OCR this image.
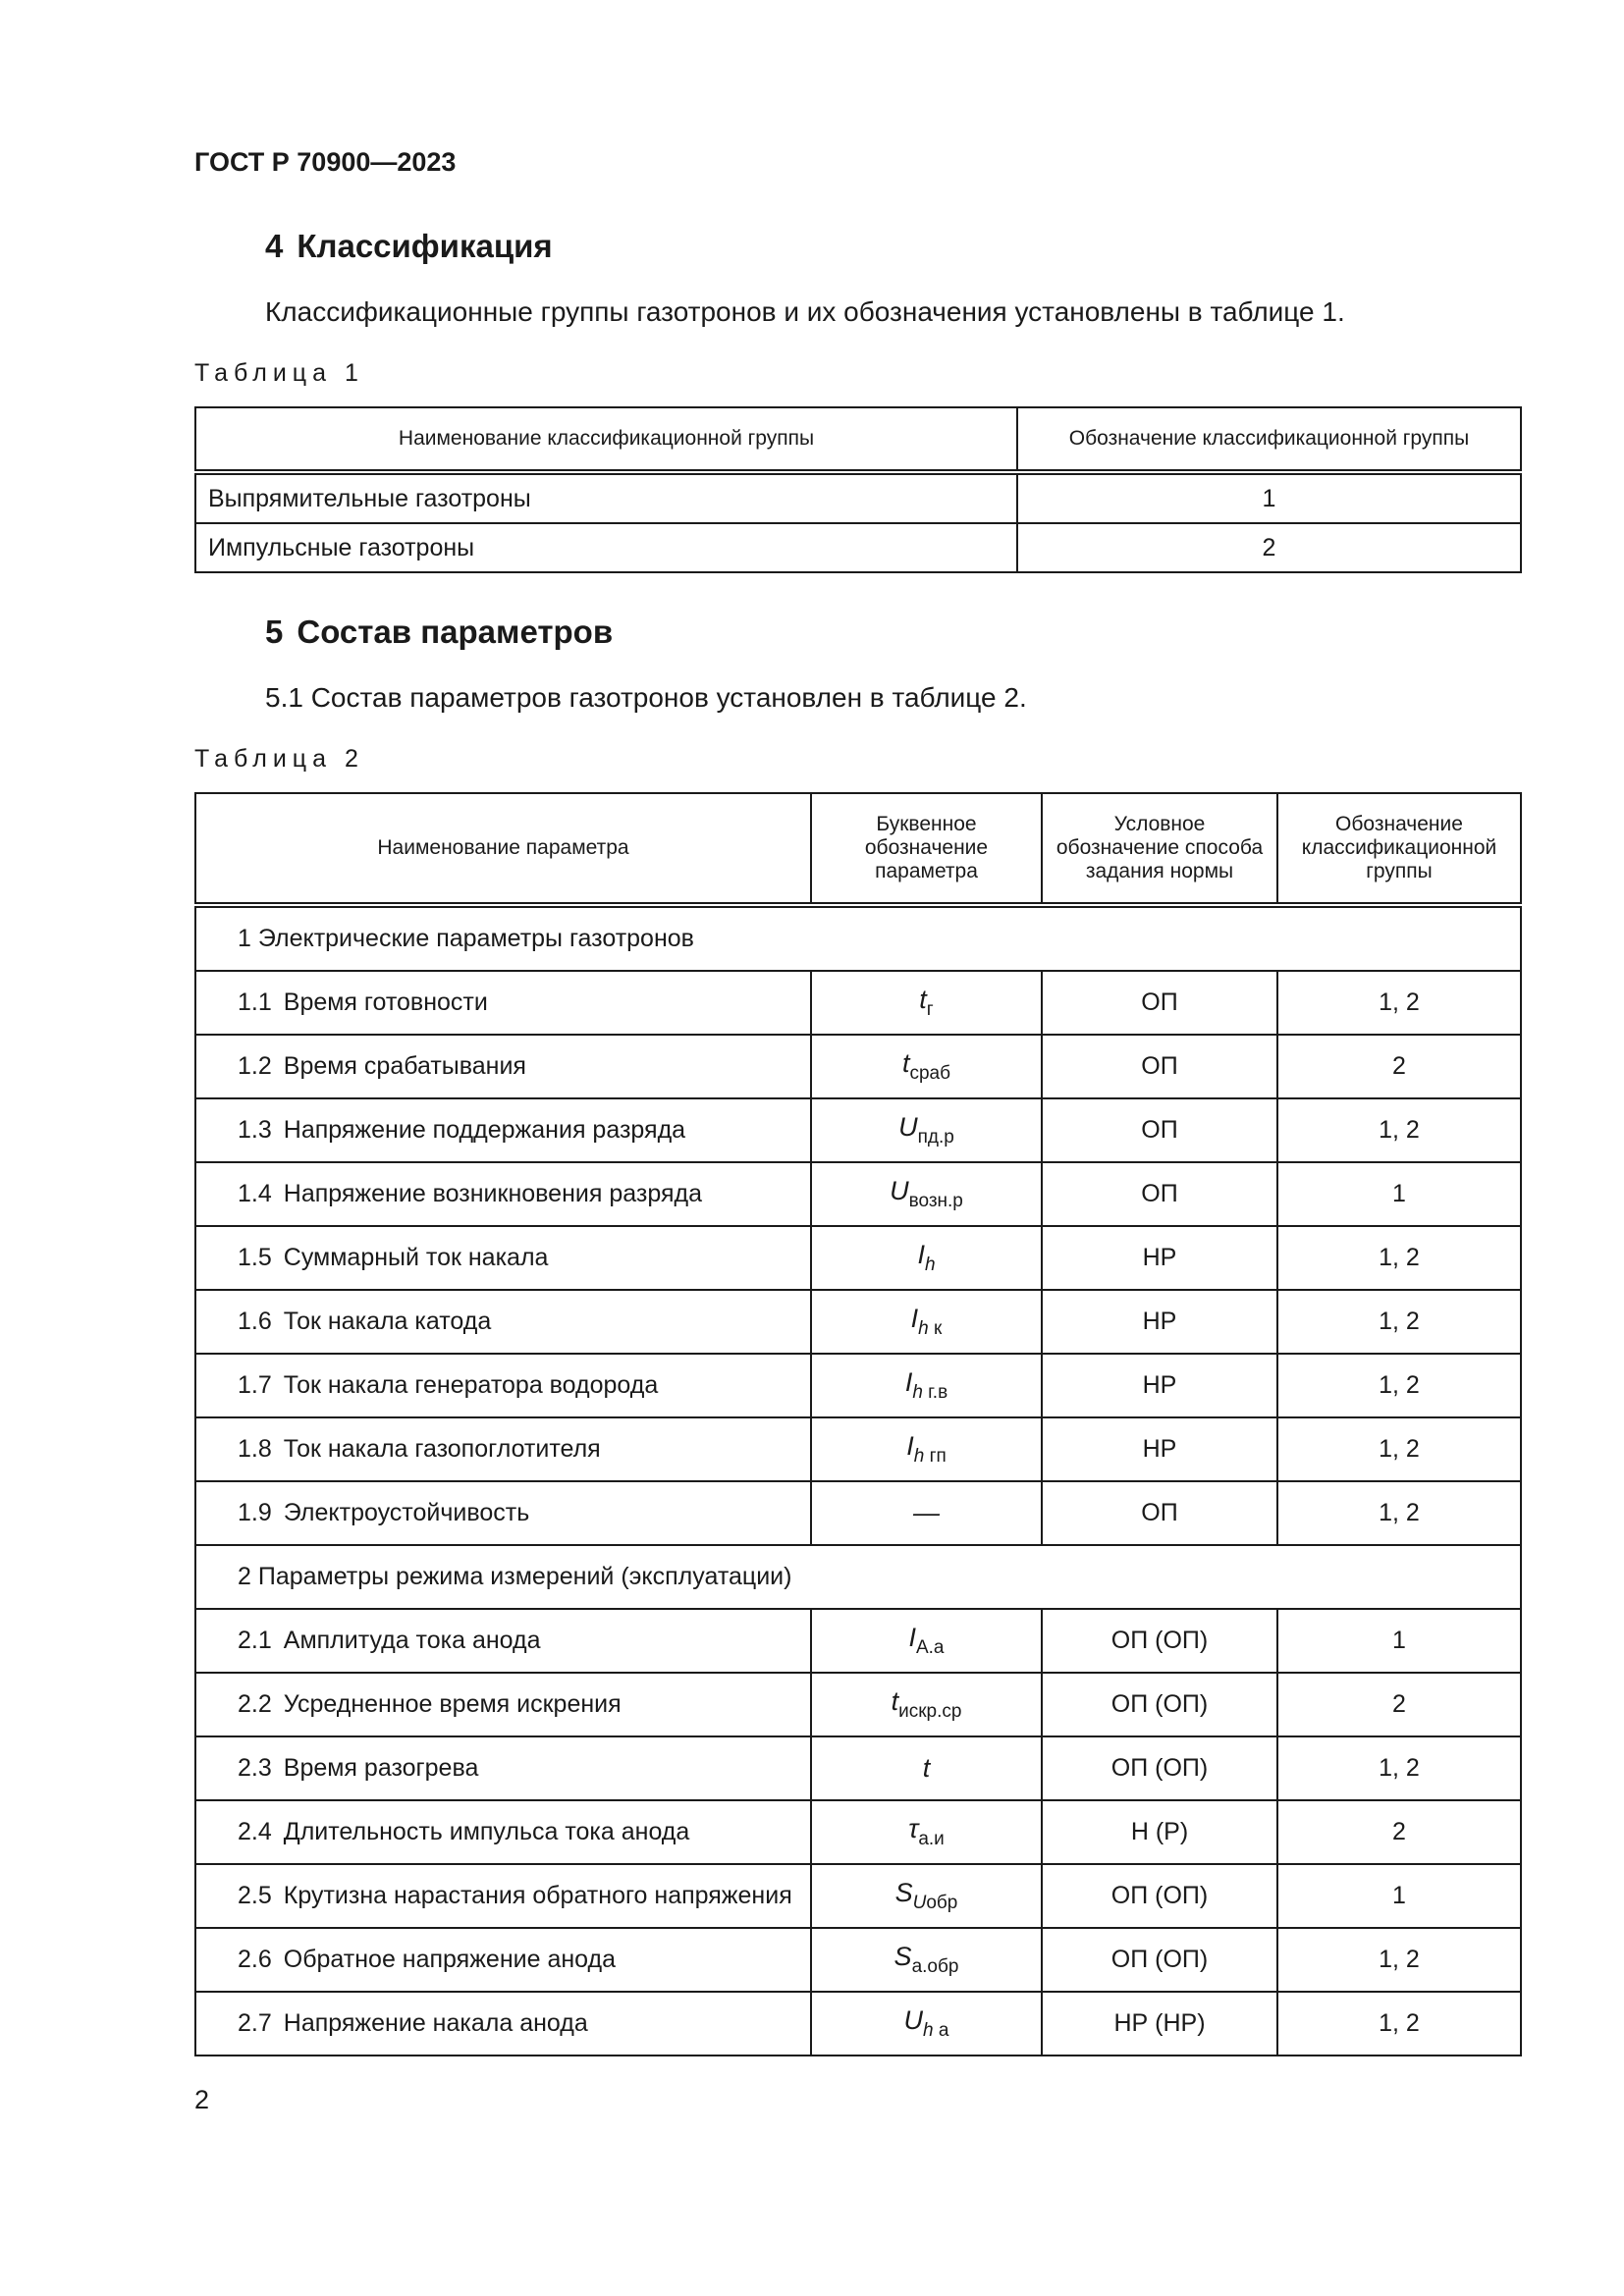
ГОСТ Р 70900—2023
4 Классификация
Классификационные группы газотронов и их обозначения установлены в таблице 1.
Таблица 1
Наименование классификационной группы	Обозначение классификационной группы
Выпрямительные газотроны	1
Импульсные газотроны	2
5 Состав параметров
5.1 Состав параметров газотронов установлен в таблице 2.
Таблица 2
Наименование параметра	Буквенное обозначение параметра	Условное обозначение способа задания нормы	Обозначение классификационной группы
1 Электрические параметры газотронов			
1.1 Время готовности	$t_г$	ОП	1, 2
1.2 Время срабатывания	$t_{сраб}$	ОП	2
1.3 Напряжение поддержания разряда	$U_{пд.р}$	ОП	1, 2
1.4 Напряжение возникновения разряда	$U_{возн.р}$	ОП	1
1.5 Суммарный ток накала	$I_h$	НР	1, 2
1.6 Ток накала катода	$I_{h к}$	НР	1, 2
1.7 Ток накала генератора водорода	$I_{h г.в}$	НР	1, 2
1.8 Ток накала газопоглотителя	$I_{h гп}$	НР	1, 2
1.9 Электроустойчивость	—	ОП	1, 2
2 Параметры режима измерений (эксплуатации)			
2.1 Амплитуда тока анода	$I_{А.а}$	ОП (ОП)	1
2.2 Усредненное время искрения	$t_{искр.ср}$	ОП (ОП)	2
2.3 Время разогрева	t	ОП (ОП)	1, 2
2.4 Длительность импульса тока анода	$\tau_{а.и}$	Н (Р)	2
2.5 Крутизна нарастания обратного напряжения	$S_{Uобр}$	ОП (ОП)	1
2.6 Обратное напряжение анода	$S_{а.обр}$	ОП (ОП)	1, 2
2.7 Напряжение накала анода	$U_{h а}$	НР (НР)	1, 2
2
